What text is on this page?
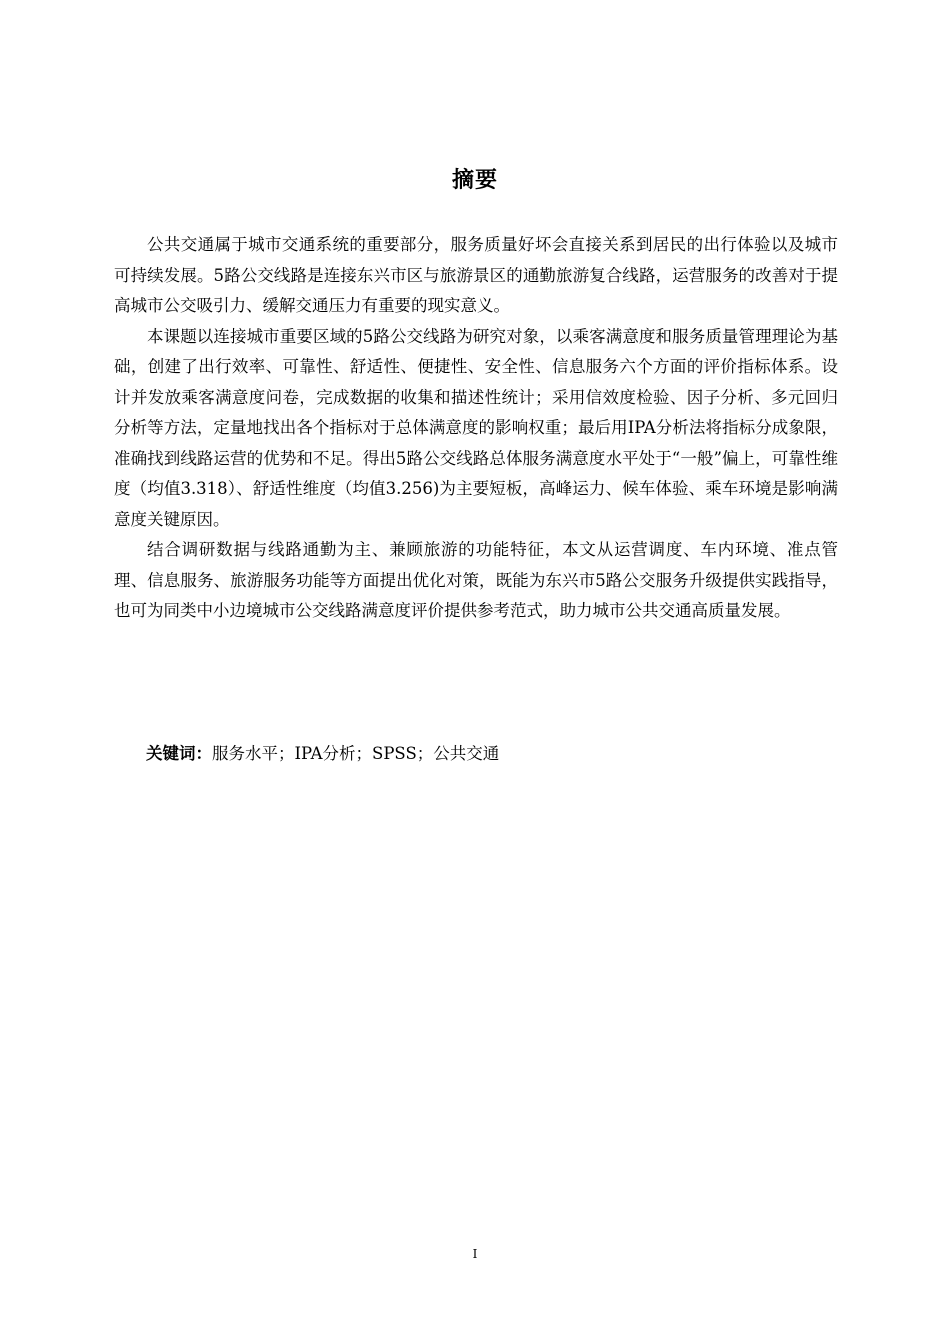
摘要

公共交通属于城市交通系统的重要部分，服务质量好坏会直接关系到居民的出行体验以及城市可持续发展。5路公交线路是连接东兴市区与旅游景区的通勤旅游复合线路，运营服务的改善对于提高城市公交吸引力、缓解交通压力有重要的现实意义。

本课题以连接城市重要区域的5路公交线路为研究对象，以乘客满意度和服务质量管理理论为基础，创建了出行效率、可靠性、舒适性、便捷性、安全性、信息服务六个方面的评价指标体系。设计并发放乘客满意度问卷，完成数据的收集和描述性统计；采用信效度检验、因子分析、多元回归分析等方法，定量地找出各个指标对于总体满意度的影响权重；最后用IPA分析法将指标分成象限，准确找到线路运营的优势和不足。得出5路公交线路总体服务满意度水平处于“一般”偏上，可靠性维度（均值3.318）、舒适性维度（均值3.256)为主要短板，高峰运力、候车体验、乘车环境是影响满意度关键原因。

结合调研数据与线路通勤为主、兼顾旅游的功能特征，本文从运营调度、车内环境、准点管理、信息服务、旅游服务功能等方面提出优化对策，既能为东兴市5路公交服务升级提供实践指导，也可为同类中小边境城市公交线路满意度评价提供参考范式，助力城市公共交通高质量发展。

关键词：服务水平；IPA分析；SPSS；公共交通
I
